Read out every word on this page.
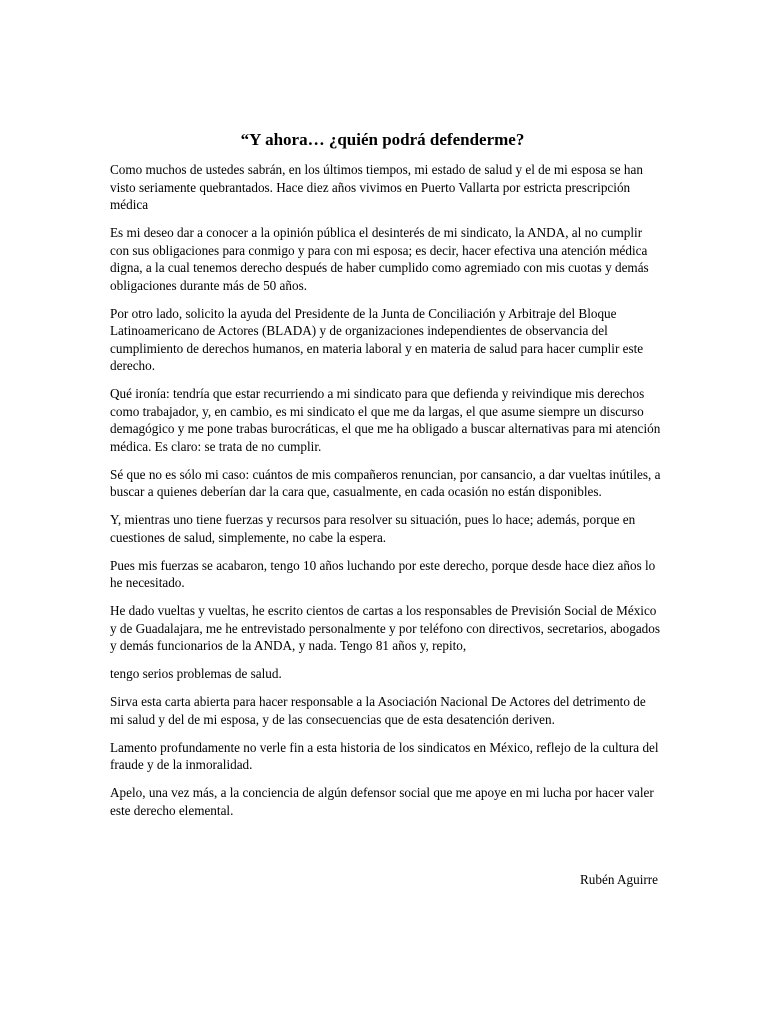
“Y ahora… ¿quién podrá defenderme?

Como muchos de ustedes sabrán, en los últimos tiempos, mi estado de salud y el de mi esposa se han visto seriamente quebrantados. Hace diez años vivimos en Puerto Vallarta por estricta prescripción médica

Es mi deseo dar a conocer a la opinión pública el desinterés de mi sindicato, la ANDA, al no cumplir con sus obligaciones para conmigo y para con mi esposa; es decir, hacer efectiva una atención médica digna, a la cual tenemos derecho después de haber cumplido como agremiado con mis cuotas y demás obligaciones durante más de 50 años.

Por otro lado, solicito la ayuda del Presidente de la Junta de Conciliación y Arbitraje del Bloque Latinoamericano de Actores (BLADA) y de organizaciones independientes de observancia del cumplimiento de derechos humanos, en materia laboral y en materia de salud para hacer cumplir este derecho.

Qué ironía: tendría que estar recurriendo a mi sindicato para que defienda y reivindique mis derechos como trabajador, y, en cambio, es mi sindicato el que me da largas, el que asume siempre un discurso demagógico y me pone trabas burocráticas, el que me ha obligado a buscar alternativas para mi atención médica. Es claro: se trata de no cumplir.

Sé que no es sólo mi caso: cuántos de mis compañeros renuncian, por cansancio, a dar vueltas inútiles, a buscar a quienes deberían dar la cara que, casualmente, en cada ocasión no están disponibles.

Y, mientras uno tiene fuerzas y recursos para resolver su situación, pues lo hace; además, porque en cuestiones de salud, simplemente, no cabe la espera.

Pues mis fuerzas se acabaron, tengo 10 años luchando por este derecho, porque desde hace diez años lo he necesitado.

He dado vueltas y vueltas, he escrito cientos de cartas a los responsables de Previsión Social de México y de Guadalajara, me he entrevistado personalmente y por teléfono con directivos, secretarios, abogados y demás funcionarios de la ANDA, y nada. Tengo 81 años y, repito,

tengo serios problemas de salud.

Sirva esta carta abierta para hacer responsable a la Asociación Nacional De Actores del detrimento de mi salud y del de mi esposa, y de las consecuencias que de esta desatención deriven.

Lamento profundamente no verle fin a esta historia de los sindicatos en México, reflejo de la cultura del fraude y de la inmoralidad.

Apelo, una vez más, a la conciencia de algún defensor social que me apoye en mi lucha por hacer valer este derecho elemental.

Rubén Aguirre
